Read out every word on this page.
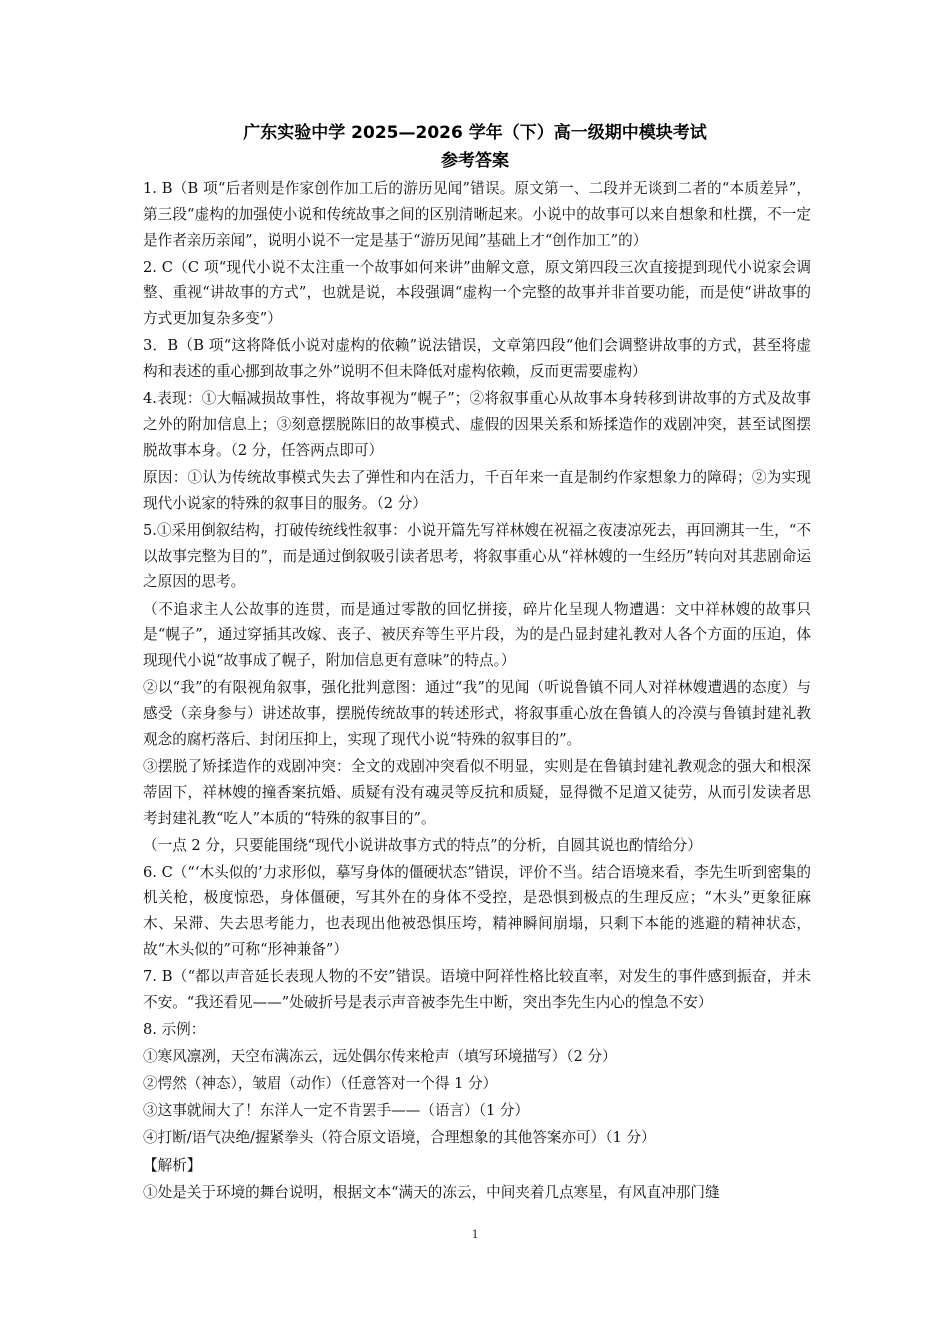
广东实验中学 2025—2026 学年（下）高一级期中模块考试
参考答案

1. B（B 项“后者则是作家创作加工后的游历见闻”错误。原文第一、二段并无谈到二者的“本质差异”，第三段“虚构的加强使小说和传统故事之间的区别清晰起来。小说中的故事可以来自想象和杜撰，不一定是作者亲历亲闻”，说明小说不一定是基于“游历见闻”基础上才“创作加工”的）

2. C（C 项“现代小说不太注重一个故事如何来讲”曲解文意，原文第四段三次直接提到现代小说家会调整、重视“讲故事的方式”，也就是说，本段强调“虚构一个完整的故事并非首要功能，而是使“讲故事的方式更加复杂多变”）

3．B（B 项“这将降低小说对虚构的依赖”说法错误，文章第四段“他们会调整讲故事的方式，甚至将虚构和表述的重心挪到故事之外”说明不但未降低对虚构依赖，反而更需要虚构）

4.表现：①大幅减损故事性，将故事视为“幌子”；②将叙事重心从故事本身转移到讲故事的方式及故事之外的附加信息上；③刻意摆脱陈旧的故事模式、虚假的因果关系和矫揉造作的戏剧冲突，甚至试图摆脱故事本身。（2 分，任答两点即可）

原因：①认为传统故事模式失去了弹性和内在活力，千百年来一直是制约作家想象力的障碍；②为实现现代小说家的特殊的叙事目的服务。（2 分）

5.①采用倒叙结构，打破传统线性叙事：小说开篇先写祥林嫂在祝福之夜凄凉死去，再回溯其一生，“不以故事完整为目的”，而是通过倒叙吸引读者思考，将叙事重心从“祥林嫂的一生经历”转向对其悲剧命运之原因的思考。

（不追求主人公故事的连贯，而是通过零散的回忆拼接，碎片化呈现人物遭遇：文中祥林嫂的故事只是“幌子”，通过穿插其改嫁、丧子、被厌弃等生平片段，为的是凸显封建礼教对人各个方面的压迫，体现现代小说“故事成了幌子，附加信息更有意味”的特点。）

②以“我”的有限视角叙事，强化批判意图：通过“我”的见闻（听说鲁镇不同人对祥林嫂遭遇的态度）与感受（亲身参与）讲述故事，摆脱传统故事的转述形式，将叙事重心放在鲁镇人的冷漠与鲁镇封建礼教观念的腐朽落后、封闭压抑上，实现了现代小说“特殊的叙事目的”。

③摆脱了矫揉造作的戏剧冲突：全文的戏剧冲突看似不明显，实则是在鲁镇封建礼教观念的强大和根深蒂固下，祥林嫂的撞香案抗婚、质疑有没有魂灵等反抗和质疑，显得微不足道又徒劳，从而引发读者思考封建礼教“吃人”本质的“特殊的叙事目的”。

（一点 2 分，只要能围绕“现代小说讲故事方式的特点”的分析，自圆其说也酌情给分）

6. C（“‘木头似的’力求形似，摹写身体的僵硬状态”错误，评价不当。结合语境来看，李先生听到密集的机关枪，极度惊恐，身体僵硬，写其外在的身体不受控，是恐惧到极点的生理反应；“木头”更象征麻木、呆滞、失去思考能力，也表现出他被恐惧压垮，精神瞬间崩塌，只剩下本能的逃避的精神状态，故“木头似的”可称“形神兼备”）

7. B（“都以声音延长表现人物的不安”错误。语境中阿祥性格比较直率，对发生的事件感到振奋，并未不安。“我还看见——”处破折号是表示声音被李先生中断，突出李先生内心的惶急不安）

8. 示例：

①寒风凛冽，天空布满冻云，远处偶尔传来枪声（填写环境描写）（2 分）

②愕然（神态），皱眉（动作）（任意答对一个得 1 分）

③这事就闹大了！东洋人一定不肯罢手——（语言）（1 分）

④打断/语气决绝/握紧拳头（符合原文语境，合理想象的其他答案亦可）（1 分）

【解析】

①处是关于环境的舞台说明，根据文本“满天的冻云，中间夹着几点寒星，有风直冲那门缝

1
